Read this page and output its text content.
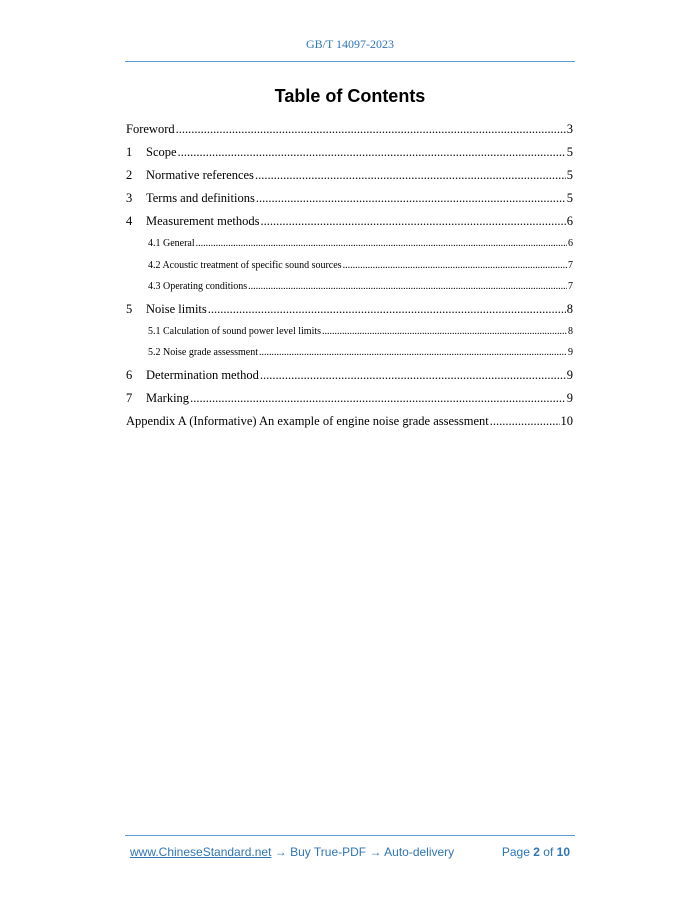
GB/T 14097-2023
Table of Contents
Foreword .....	3
1	Scope .....	5
2	Normative references .....	5
3	Terms and definitions .....	5
4	Measurement methods .....	6
4.1 General .....	6
4.2 Acoustic treatment of specific sound sources .....	7
4.3 Operating conditions .....	7
5	Noise limits .....	8
5.1 Calculation of sound power level limits .....	8
5.2 Noise grade assessment .....	9
6	Determination method .....	9
7	Marking .....	9
Appendix A (Informative) An example of engine noise grade assessment .....	10
www.ChineseStandard.net → Buy True-PDF → Auto-delivery	Page 2 of 10
